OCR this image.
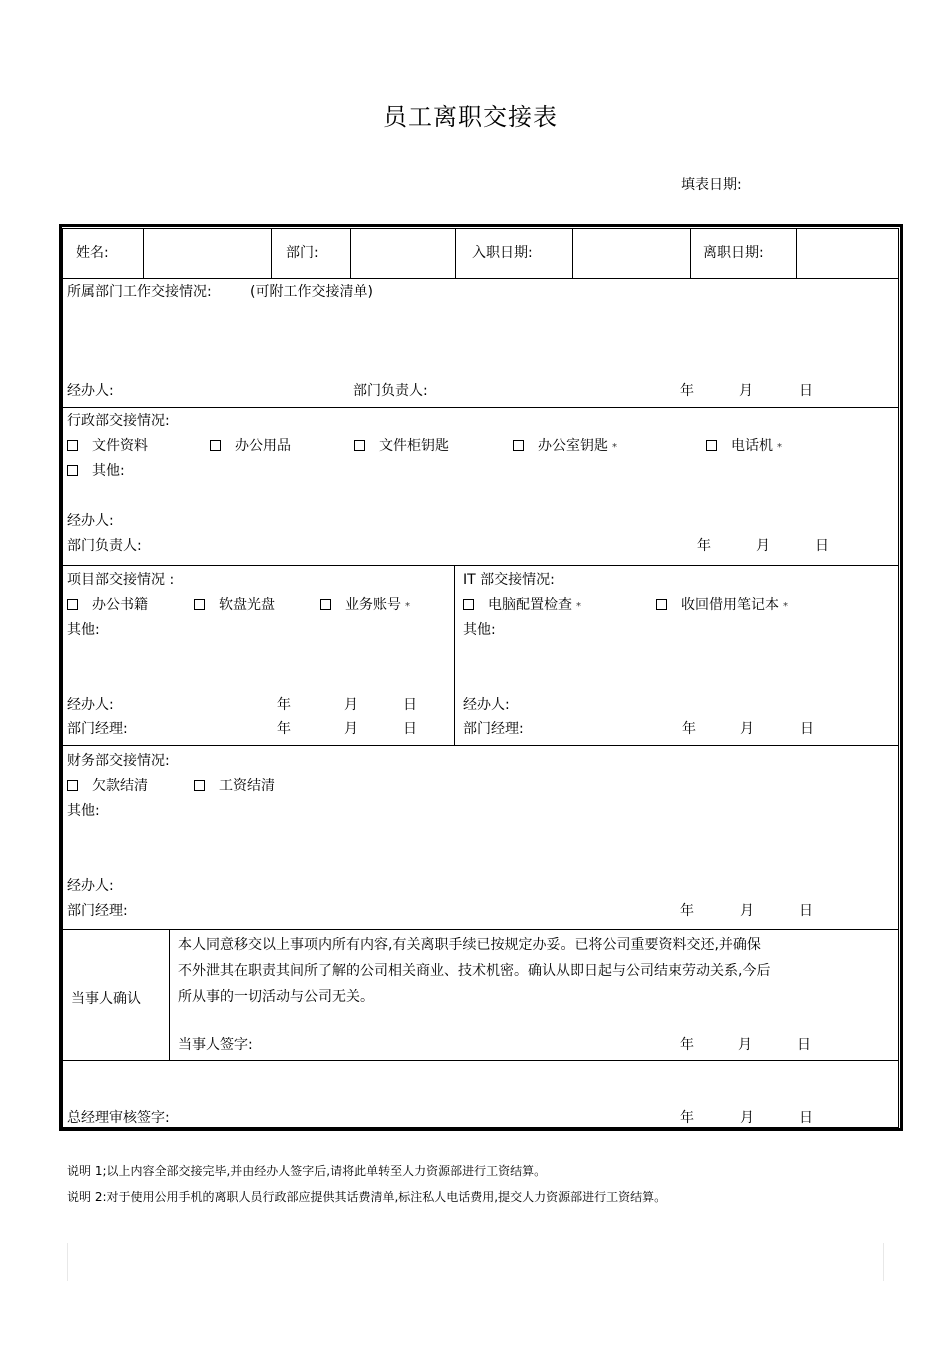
员工离职交接表
填表日期:
姓名:	部门:	入职日期:	离职日期:
所属部门工作交接情况:	(可附工作交接清单)
经办人:	部门负责人:	年	月	日
行政部交接情况:
文件资料	办公用品	文件柜钥匙	办公室钥匙 *	电话机 *
其他:
经办人:
部门负责人:	年	月	日
项目部交接情况 :
办公书籍	软盘光盘	业务账号 *
其他:
经办人:	年	月	日
部门经理:	年	月	日
IT 部交接情况:
电脑配置检查 *	收回借用笔记本 *
其他:
经办人:
部门经理:	年	月	日
财务部交接情况:
欠款结清	工资结清
其他:
经办人:
部门经理:	年	月	日
当事人确认
本人同意移交以上事项内所有内容,有关离职手续已按规定办妥。已将公司重要资料交还,并确保
不外泄其在职责其间所了解的公司相关商业、技术机密。确认从即日起与公司结束劳动关系,今后
所从事的一切活动与公司无关。
当事人签字:	年	月	日
总经理审核签字:	年	月	日
说明 1;以上内容全部交接完毕,并由经办人签字后,请将此单转至人力资源部进行工资结算。
说明 2:对于使用公用手机的离职人员行政部应提供其话费清单,标注私人电话费用,提交人力资源部进行工资结算。
